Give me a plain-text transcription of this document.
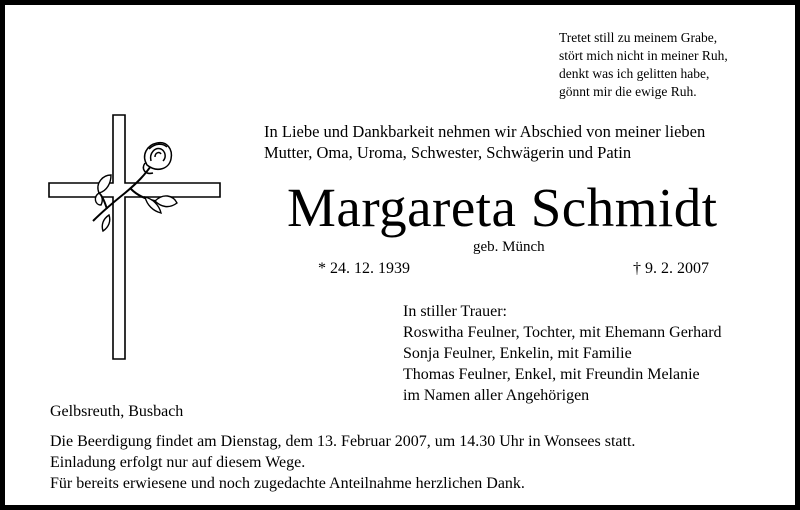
Tretet still zu meinem Grabe,
stört mich nicht in meiner Ruh,
denkt was ich gelitten habe,
gönnt mir die ewige Ruh.
In Liebe und Dankbarkeit nehmen wir Abschied von meiner lieben
Mutter, Oma, Uroma, Schwester, Schwägerin und Patin
Margareta Schmidt
geb. Münch
* 24. 12. 1939	† 9. 2. 2007
In stiller Trauer:
Roswitha Feulner, Tochter, mit Ehemann Gerhard
Sonja Feulner, Enkelin, mit Familie
Thomas Feulner, Enkel, mit Freundin Melanie
im Namen aller Angehörigen
Gelbsreuth, Busbach
Die Beerdigung findet am Dienstag, dem 13. Februar 2007, um 14.30 Uhr in Wonsees statt.
Einladung erfolgt nur auf diesem Wege.
Für bereits erwiesene und noch zugedachte Anteilnahme herzlichen Dank.
